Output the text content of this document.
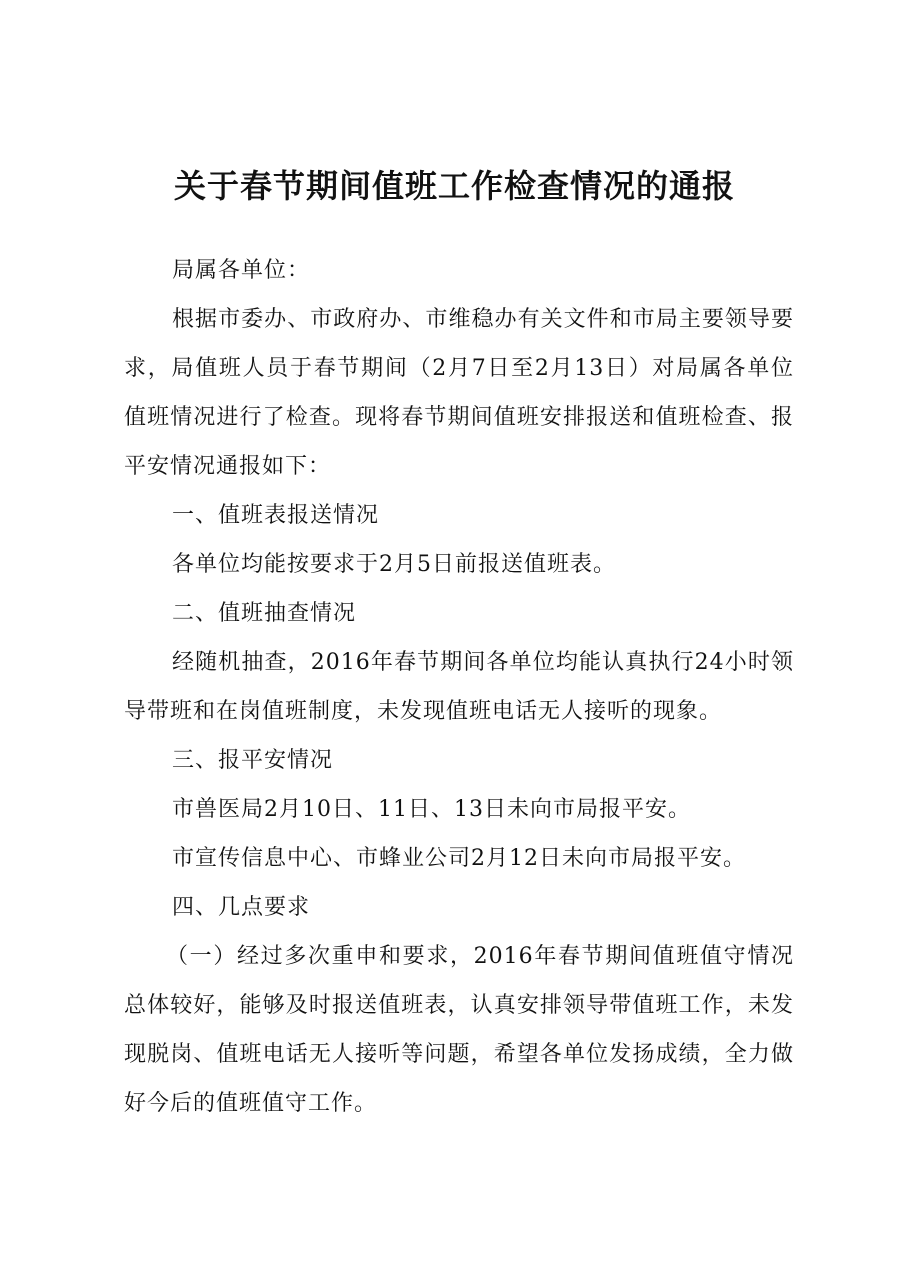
关于春节期间值班工作检查情况的通报

局属各单位：

根据市委办、市政府办、市维稳办有关文件和市局主要领导要求，局值班人员于春节期间（2月7日至2月13日）对局属各单位值班情况进行了检查。现将春节期间值班安排报送和值班检查、报平安情况通报如下：

一、值班表报送情况

各单位均能按要求于2月5日前报送值班表。

二、值班抽查情况

经随机抽查，2016年春节期间各单位均能认真执行24小时领导带班和在岗值班制度，未发现值班电话无人接听的现象。

三、报平安情况

市兽医局2月10日、11日、13日未向市局报平安。

市宣传信息中心、市蜂业公司2月12日未向市局报平安。

四、几点要求

（一）经过多次重申和要求，2016年春节期间值班值守情况总体较好，能够及时报送值班表，认真安排领导带值班工作，未发现脱岗、值班电话无人接听等问题，希望各单位发扬成绩，全力做好今后的值班值守工作。
